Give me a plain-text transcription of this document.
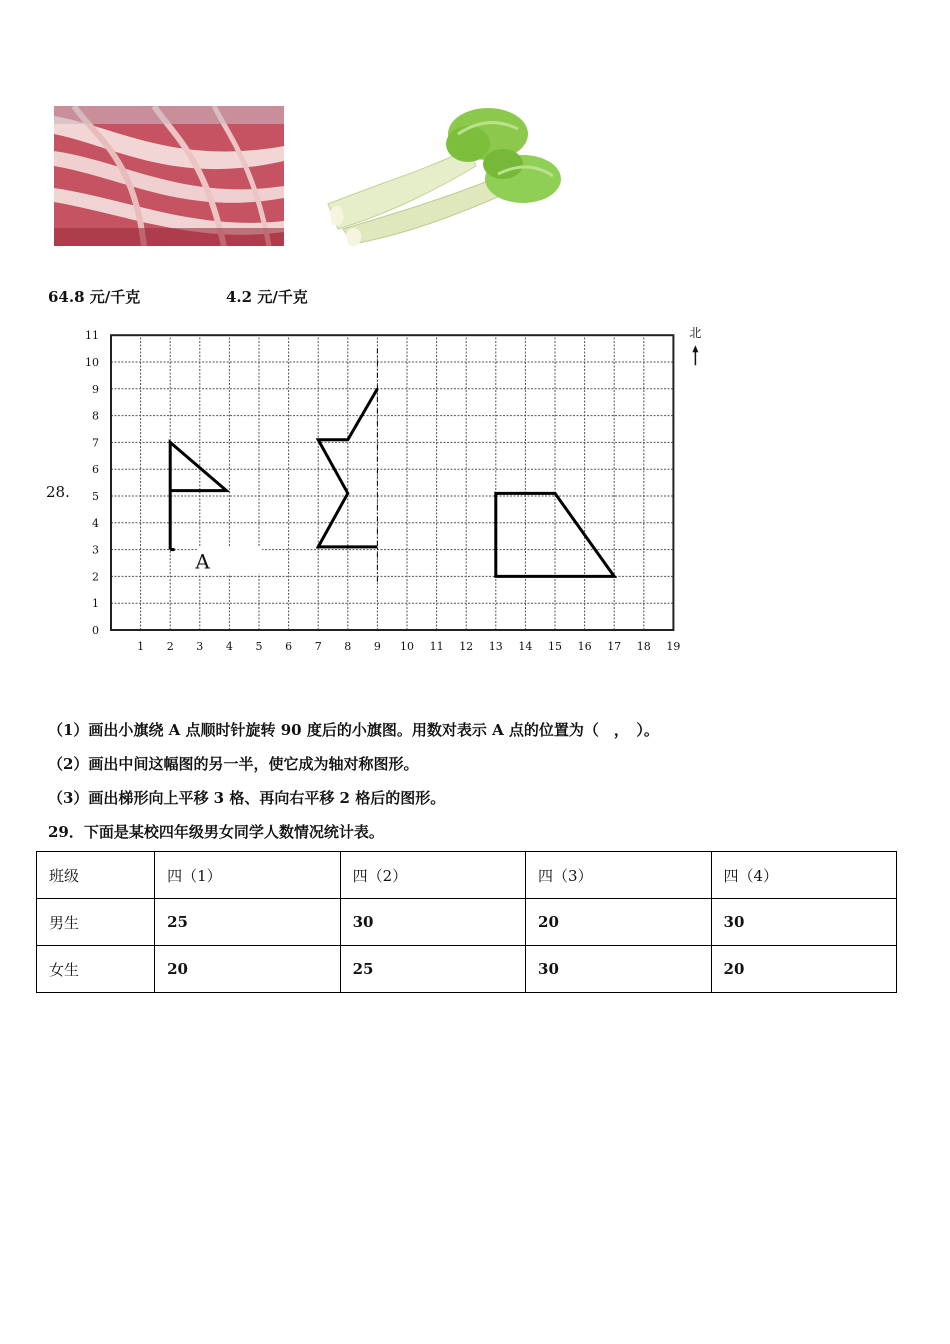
64.8 元/千克	4.2 元/千克
28.
1 2 3 4 5 6 7 8 9 10 11 12 13 14 15 16 17 18 19
0
1
2
3
4
5
6
7
8
9
10
11	北
A
（1）画出小旗绕 A 点顺时针旋转 90 度后的小旗图。用数对表示 A 点的位置为（　，　）。
（2）画出中间这幅图的另一半，使它成为轴对称图形。
（3）画出梯形向上平移 3 格、再向右平移 2 格后的图形。
29．下面是某校四年级男女同学人数情况统计表。
班级	四（1）	四（2）	四（3）	四（4）
男生	25	30	20	30
女生	20	25	30	20
